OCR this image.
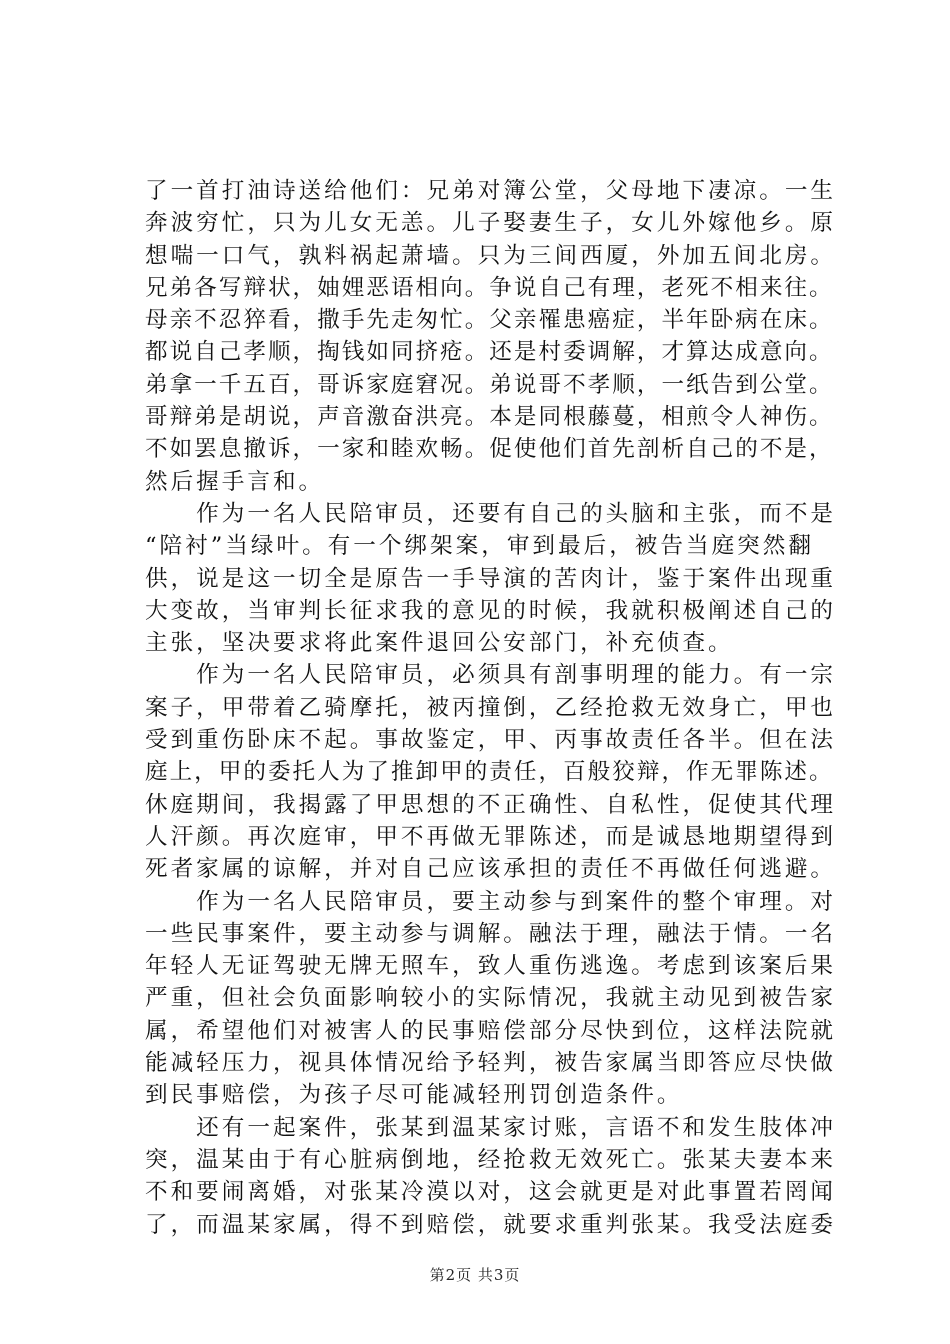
了一首打油诗送给他们：兄弟对簿公堂，父母地下凄凉。一生
奔波穷忙，只为儿女无恙。儿子娶妻生子，女儿外嫁他乡。原
想喘一口气，孰料祸起萧墙。只为三间西厦，外加五间北房。
兄弟各写辩状，妯娌恶语相向。争说自己有理，老死不相来往。
母亲不忍猝看，撒手先走匆忙。父亲罹患癌症，半年卧病在床。
都说自己孝顺，掏钱如同挤疮。还是村委调解，才算达成意向。
弟拿一千五百，哥诉家庭窘况。弟说哥不孝顺，一纸告到公堂。
哥辩弟是胡说，声音激奋洪亮。本是同根藤蔓，相煎令人神伤。
不如罢息撤诉，一家和睦欢畅。促使他们首先剖析自己的不是，
然后握手言和。
　　作为一名人民陪审员，还要有自己的头脑和主张，而不是
“陪衬”当绿叶。有一个绑架案，审到最后，被告当庭突然翻
供，说是这一切全是原告一手导演的苦肉计，鉴于案件出现重
大变故，当审判长征求我的意见的时候，我就积极阐述自己的
主张，坚决要求将此案件退回公安部门，补充侦查。
　　作为一名人民陪审员，必须具有剖事明理的能力。有一宗
案子，甲带着乙骑摩托，被丙撞倒，乙经抢救无效身亡，甲也
受到重伤卧床不起。事故鉴定，甲、丙事故责任各半。但在法
庭上，甲的委托人为了推卸甲的责任，百般狡辩，作无罪陈述。
休庭期间，我揭露了甲思想的不正确性、自私性，促使其代理
人汗颜。再次庭审，甲不再做无罪陈述，而是诚恳地期望得到
死者家属的谅解，并对自己应该承担的责任不再做任何逃避。
　　作为一名人民陪审员，要主动参与到案件的整个审理。对
一些民事案件，要主动参与调解。融法于理，融法于情。一名
年轻人无证驾驶无牌无照车，致人重伤逃逸。考虑到该案后果
严重，但社会负面影响较小的实际情况，我就主动见到被告家
属，希望他们对被害人的民事赔偿部分尽快到位，这样法院就
能减轻压力，视具体情况给予轻判，被告家属当即答应尽快做
到民事赔偿，为孩子尽可能减轻刑罚创造条件。
　　还有一起案件，张某到温某家讨账，言语不和发生肢体冲
突，温某由于有心脏病倒地，经抢救无效死亡。张某夫妻本来
不和要闹离婚，对张某冷漠以对，这会就更是对此事置若罔闻
了，而温某家属，得不到赔偿，就要求重判张某。我受法庭委
第2页 共3页
